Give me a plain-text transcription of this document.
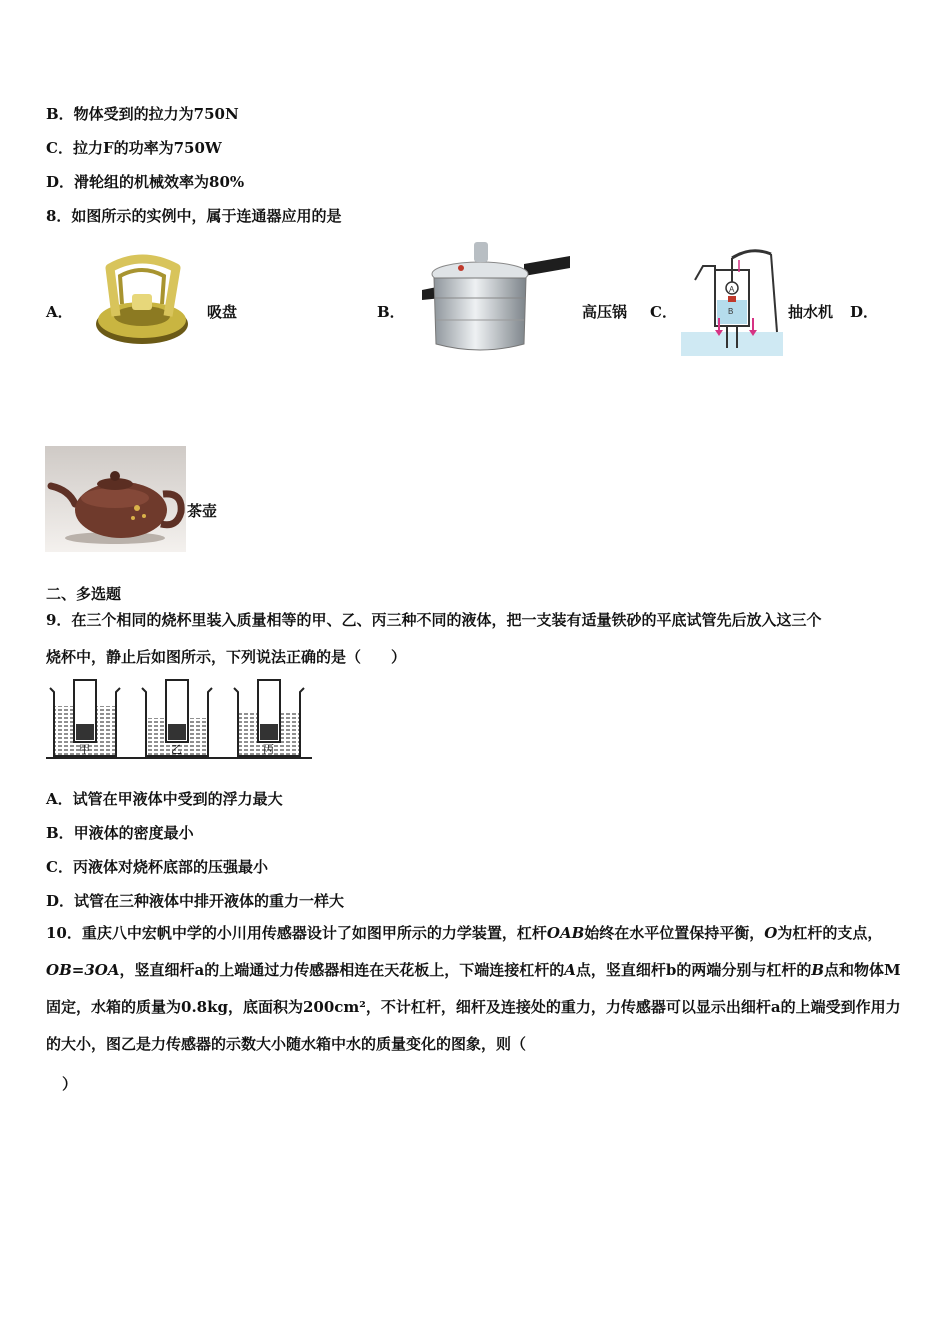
B．物体受到的拉力为750N
C．拉力F的功率为750W
D．滑轮组的机械效率为80%
8．如图所示的实例中，属于连通器应用的是
A．	吸盘	B．	高压锅 C．
A
B	抽水机 D．
茶壶
二、多选题
9．在三个相同的烧杯里装入质量相等的甲、乙、丙三种不同的液体，把一支装有适量铁砂的平底试管先后放入这三个
烧杯中，静止后如图所示，下列说法正确的是（　　）
甲	乙	丙
A．试管在甲液体中受到的浮力最大
B．甲液体的密度最小
C．丙液体对烧杯底部的压强最小
D．试管在三种液体中排开液体的重力一样大
10．重庆八中宏帆中学的小川用传感器设计了如图甲所示的力学装置，杠杆OAB始终在水平位置保持平衡，O为杠杆的支点，OB=3OA，竖直细杆a的上端通过力传感器相连在天花板上，下端连接杠杆的A点，竖直细杆b的两端分别与杠杆的B点和物体M固定，水箱的质量为0.8kg，底面积为200cm²，不计杠杆，细杆及连接处的重力，力传感器可以显示出细杆a的上端受到作用力的大小，图乙是力传感器的示数大小随水箱中水的质量变化的图象，则（
）
